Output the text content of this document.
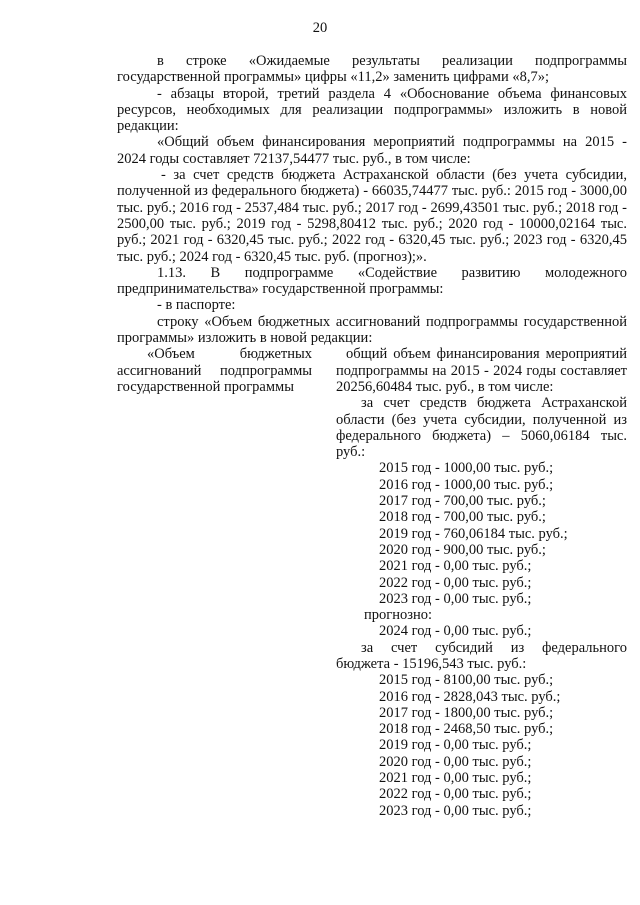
20

в строке «Ожидаемые результаты реализации подпрограммы государственной программы» цифры «11,2» заменить цифрами «8,7»;

- абзацы второй, третий раздела 4 «Обоснование объема финансовых ресурсов, необходимых для реализации подпрограммы» изложить в новой редакции:

«Общий объем финансирования мероприятий подпрограммы на 2015 - 2024 годы составляет 72137,54477 тыс. руб., в том числе:

- за счет средств бюджета Астраханской области (без учета субсидии, полученной из федерального бюджета) - 66035,74477 тыс. руб.: 2015 год - 3000,00 тыс. руб.; 2016 год - 2537,484 тыс. руб.; 2017 год - 2699,43501 тыс. руб.; 2018 год - 2500,00 тыс. руб.; 2019 год - 5298,80412 тыс. руб.; 2020 год - 10000,02164 тыс. руб.; 2021 год - 6320,45 тыс. руб.; 2022 год - 6320,45 тыс. руб.; 2023 год - 6320,45 тыс. руб.; 2024 год - 6320,45 тыс. руб. (прогноз);».

1.13. В подпрограмме «Содействие развитию молодежного предпринимательства» государственной программы:

- в паспорте:

строку «Объем бюджетных ассигнований подпрограммы государственной программы» изложить в новой редакции:

«Объем бюджетных ассигнований подпрограммы государственной программы

общий объем финансирования мероприятий подпрограммы на 2015 - 2024 годы составляет 20256,60484 тыс. руб., в том числе:

за счет средств бюджета Астраханской области (без учета субсидии, полученной из федерального бюджета) – 5060,06184 тыс. руб.:

2015 год - 1000,00 тыс. руб.;

2016 год - 1000,00 тыс. руб.;

2017 год - 700,00 тыс. руб.;

2018 год - 700,00 тыс. руб.;

2019 год - 760,06184 тыс. руб.;

2020 год - 900,00 тыс. руб.;

2021 год - 0,00 тыс. руб.;

2022 год - 0,00 тыс. руб.;

2023 год - 0,00 тыс. руб.;

прогнозно:

2024 год - 0,00 тыс. руб.;

за счет субсидий из федерального бюджета - 15196,543 тыс. руб.:

2015 год - 8100,00 тыс. руб.;

2016 год - 2828,043 тыс. руб.;

2017 год - 1800,00 тыс. руб.;

2018 год - 2468,50 тыс. руб.;

2019 год - 0,00 тыс. руб.;

2020 год - 0,00 тыс. руб.;

2021 год - 0,00 тыс. руб.;

2022 год - 0,00 тыс. руб.;

2023 год - 0,00 тыс. руб.;
